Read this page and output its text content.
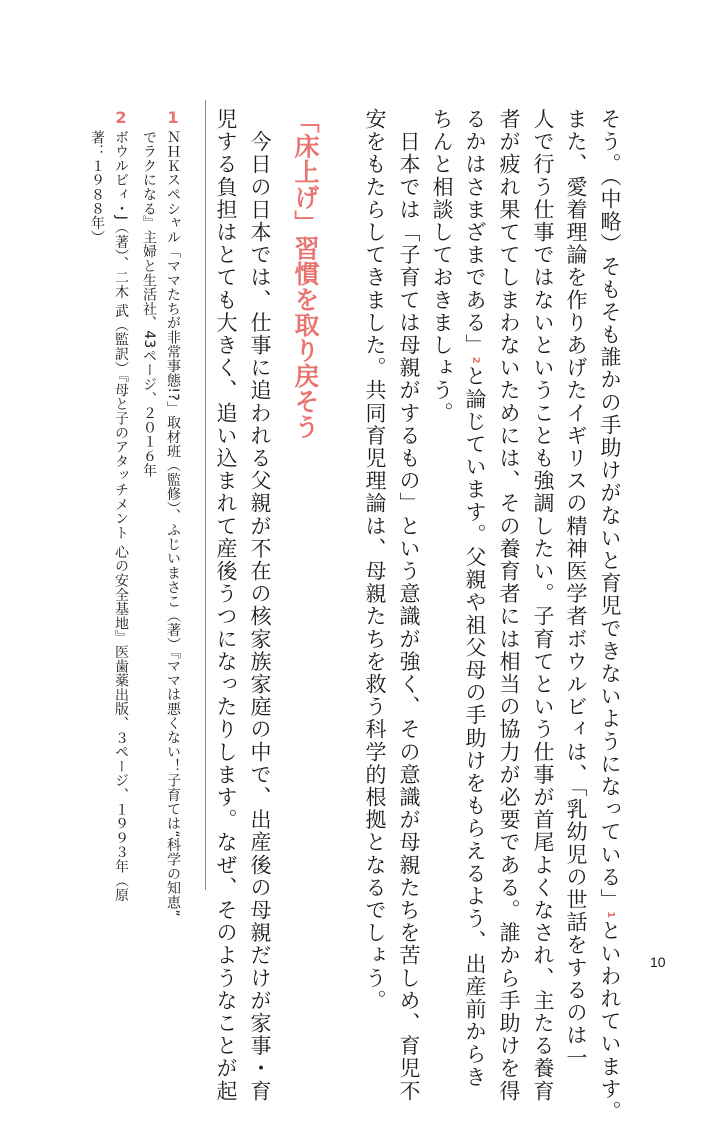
そう。（中略）そもそも誰かの手助けがないと育児できないようになっている」1といわれています。
また、愛着理論を作りあげたイギリスの精神医学者ボウルビィは、「乳幼児の世話をするのは一
人で行う仕事ではないということも強調したい。子育てという仕事が首尾よくなされ、主たる養育
者が疲れ果ててしまわないためには、その養育者には相当の協力が必要である。誰から手助けを得
るかはさまざまである」2と論じています。父親や祖父母の手助けをもらえるよう、出産前からき
ちんと相談しておきましょう。
　日本では「子育ては母親がするもの」という意識が強く、その意識が母親たちを苦しめ、育児不
安をもたらしてきました。共同育児理論は、母親たちを救う科学的根拠となるでしょう。
「床上げ」習慣を取り戻そう
　今日の日本では、仕事に追われる父親が不在の核家族家庭の中で、出産後の母親だけが家事・育
児する負担はとても大きく、追い込まれて産後うつになったりします。なぜ、そのようなことが起
1
ＮＨＫスペシャル「ママたちが非常事態!?」取材班（監修）、ふじいまさこ（著）『ママは悪くない！子育ては“科学の知恵”
でラクになる』主婦と生活社、43ページ、２０１６年
2
ボウルビィ・J（著）、二木 武（監訳）『母と子のアタッチメント 心の安全基地』医歯薬出版、３ページ、１９９３年（原
著：１９８８年）
10
